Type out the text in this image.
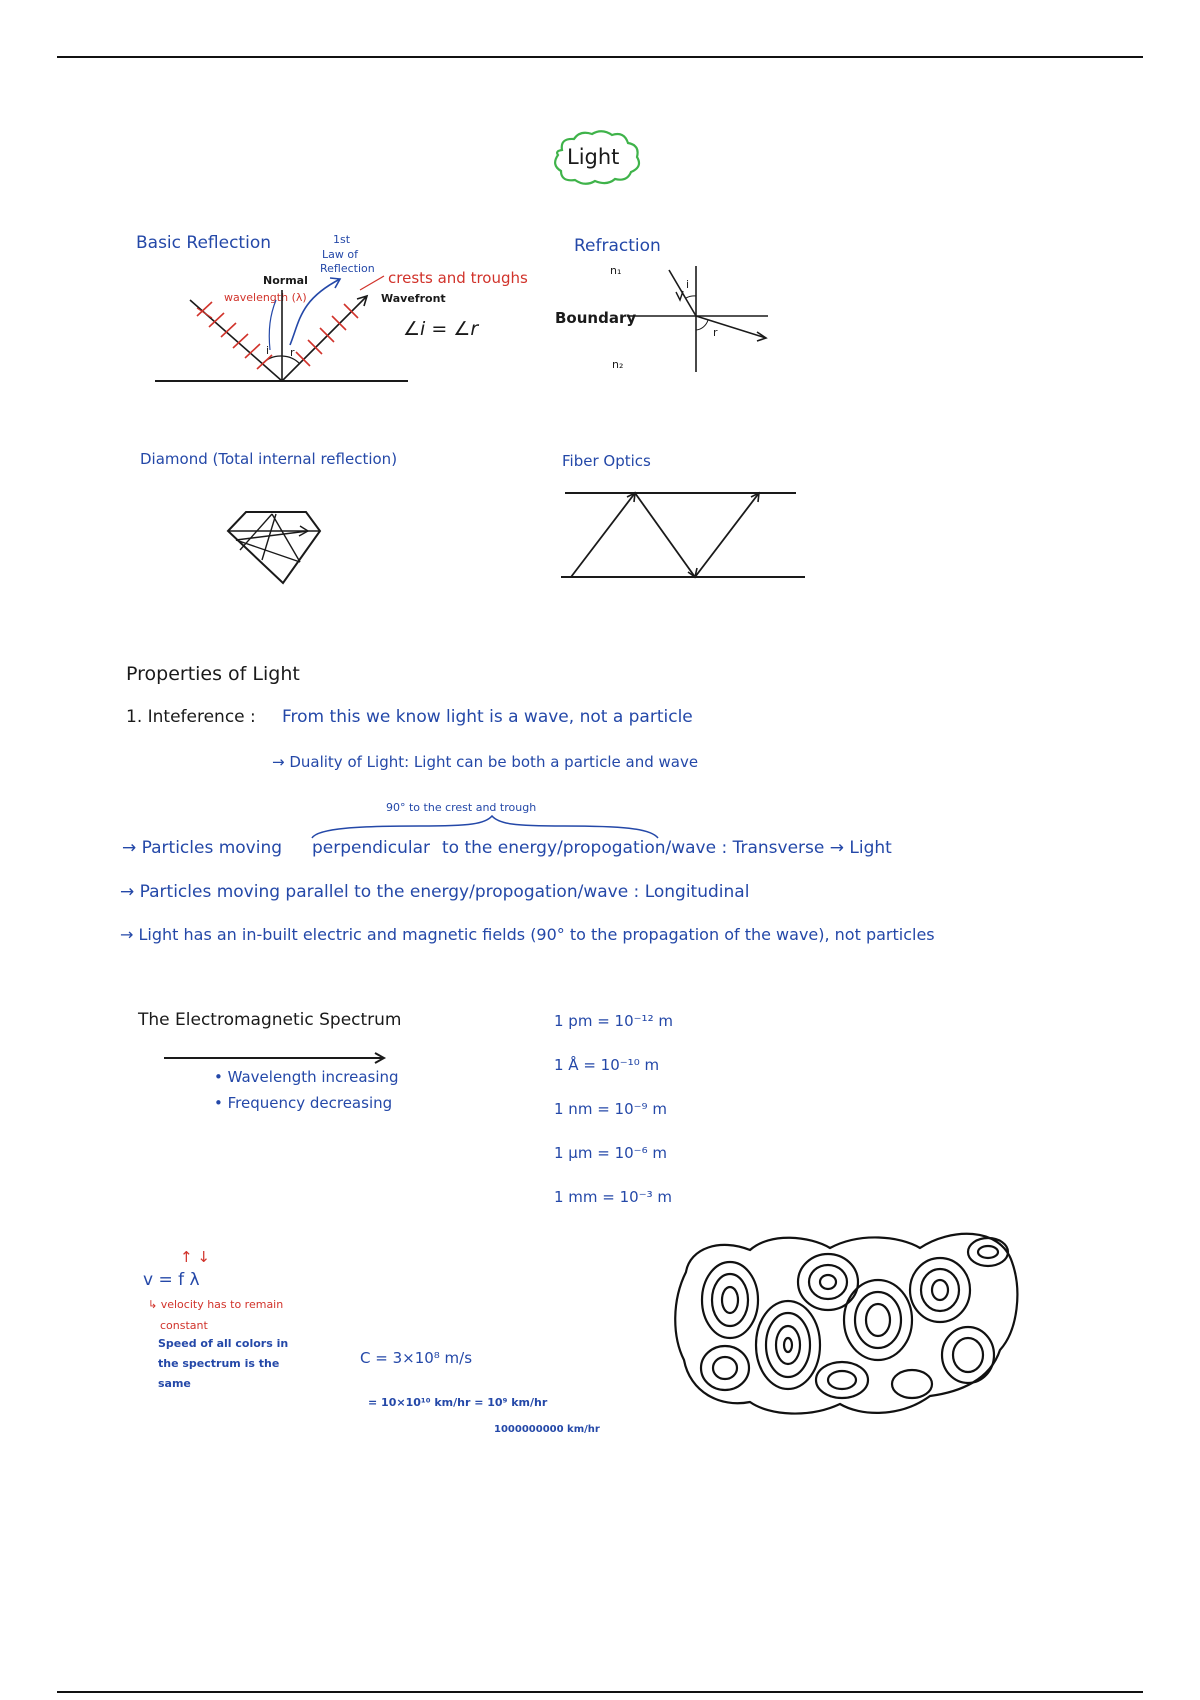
Light
Basic Reflection	1st
Law of
Reflection
Normal
wavelength (λ)
crests and troughs
Wavefront
∠i = ∠r
i r
Refraction
n₁
Boundary
n₂
i
r
Diamond (Total internal reflection)	Fiber Optics
Properties of Light
1. Inteference : From this we know light is a wave, not a particle
→ Duality of Light: Light can be both a particle and wave
90° to the crest and trough
→ Particles moving perpendicular to the energy/propogation/wave : Transverse → Light
→ Particles moving parallel to the energy/propogation/wave : Longitudinal
→ Light has an in-built electric and magnetic fields (90° to the propagation of the wave), not particles
The Electromagnetic Spectrum
• Wavelength increasing
• Frequency decreasing
1 pm = 10⁻¹² m
1 Å = 10⁻¹⁰ m
1 nm = 10⁻⁹ m
1 μm = 10⁻⁶ m
1 mm = 10⁻³ m
↑ ↓
v = f λ
↳ velocity has to remain
constant
Speed of all colors in
the spectrum is the
same
C = 3×10⁸ m/s
= 10×10¹⁰ km/hr = 10⁹ km/hr
1000000000 km/hr
